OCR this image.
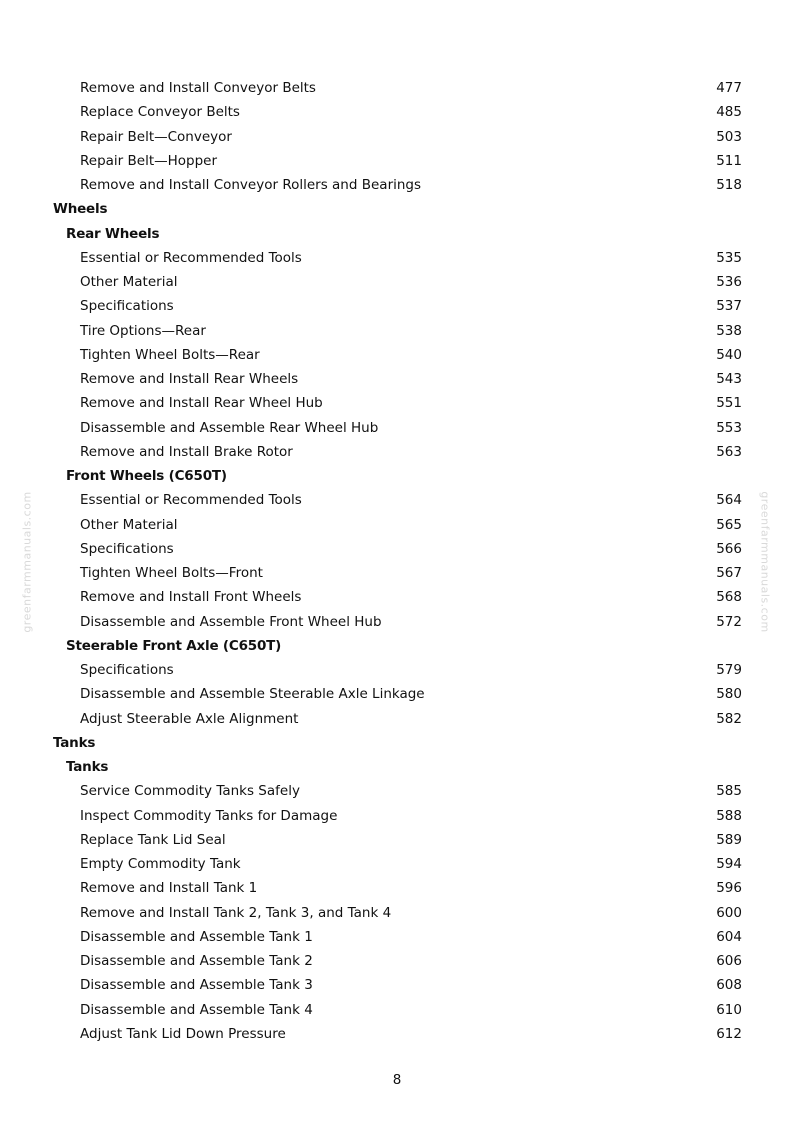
greenfarmmanuals.com	greenfarmmanuals.com
Remove and Install Conveyor Belts	477
Replace Conveyor Belts	485
Repair Belt—Conveyor	503
Repair Belt—Hopper	511
Remove and Install Conveyor Rollers and Bearings	518
Wheels
Rear Wheels
Essential or Recommended Tools	535
Other Material	536
Specifications	537
Tire Options—Rear	538
Tighten Wheel Bolts—Rear	540
Remove and Install Rear Wheels	543
Remove and Install Rear Wheel Hub	551
Disassemble and Assemble Rear Wheel Hub	553
Remove and Install Brake Rotor	563
Front Wheels (C650T)
Essential or Recommended Tools	564
Other Material	565
Specifications	566
Tighten Wheel Bolts—Front	567
Remove and Install Front Wheels	568
Disassemble and Assemble Front Wheel Hub	572
Steerable Front Axle (C650T)
Specifications	579
Disassemble and Assemble Steerable Axle Linkage	580
Adjust Steerable Axle Alignment	582
Tanks
Tanks
Service Commodity Tanks Safely	585
Inspect Commodity Tanks for Damage	588
Replace Tank Lid Seal	589
Empty Commodity Tank	594
Remove and Install Tank 1	596
Remove and Install Tank 2, Tank 3, and Tank 4	600
Disassemble and Assemble Tank 1	604
Disassemble and Assemble Tank 2	606
Disassemble and Assemble Tank 3	608
Disassemble and Assemble Tank 4	610
Adjust Tank Lid Down Pressure	612
8
